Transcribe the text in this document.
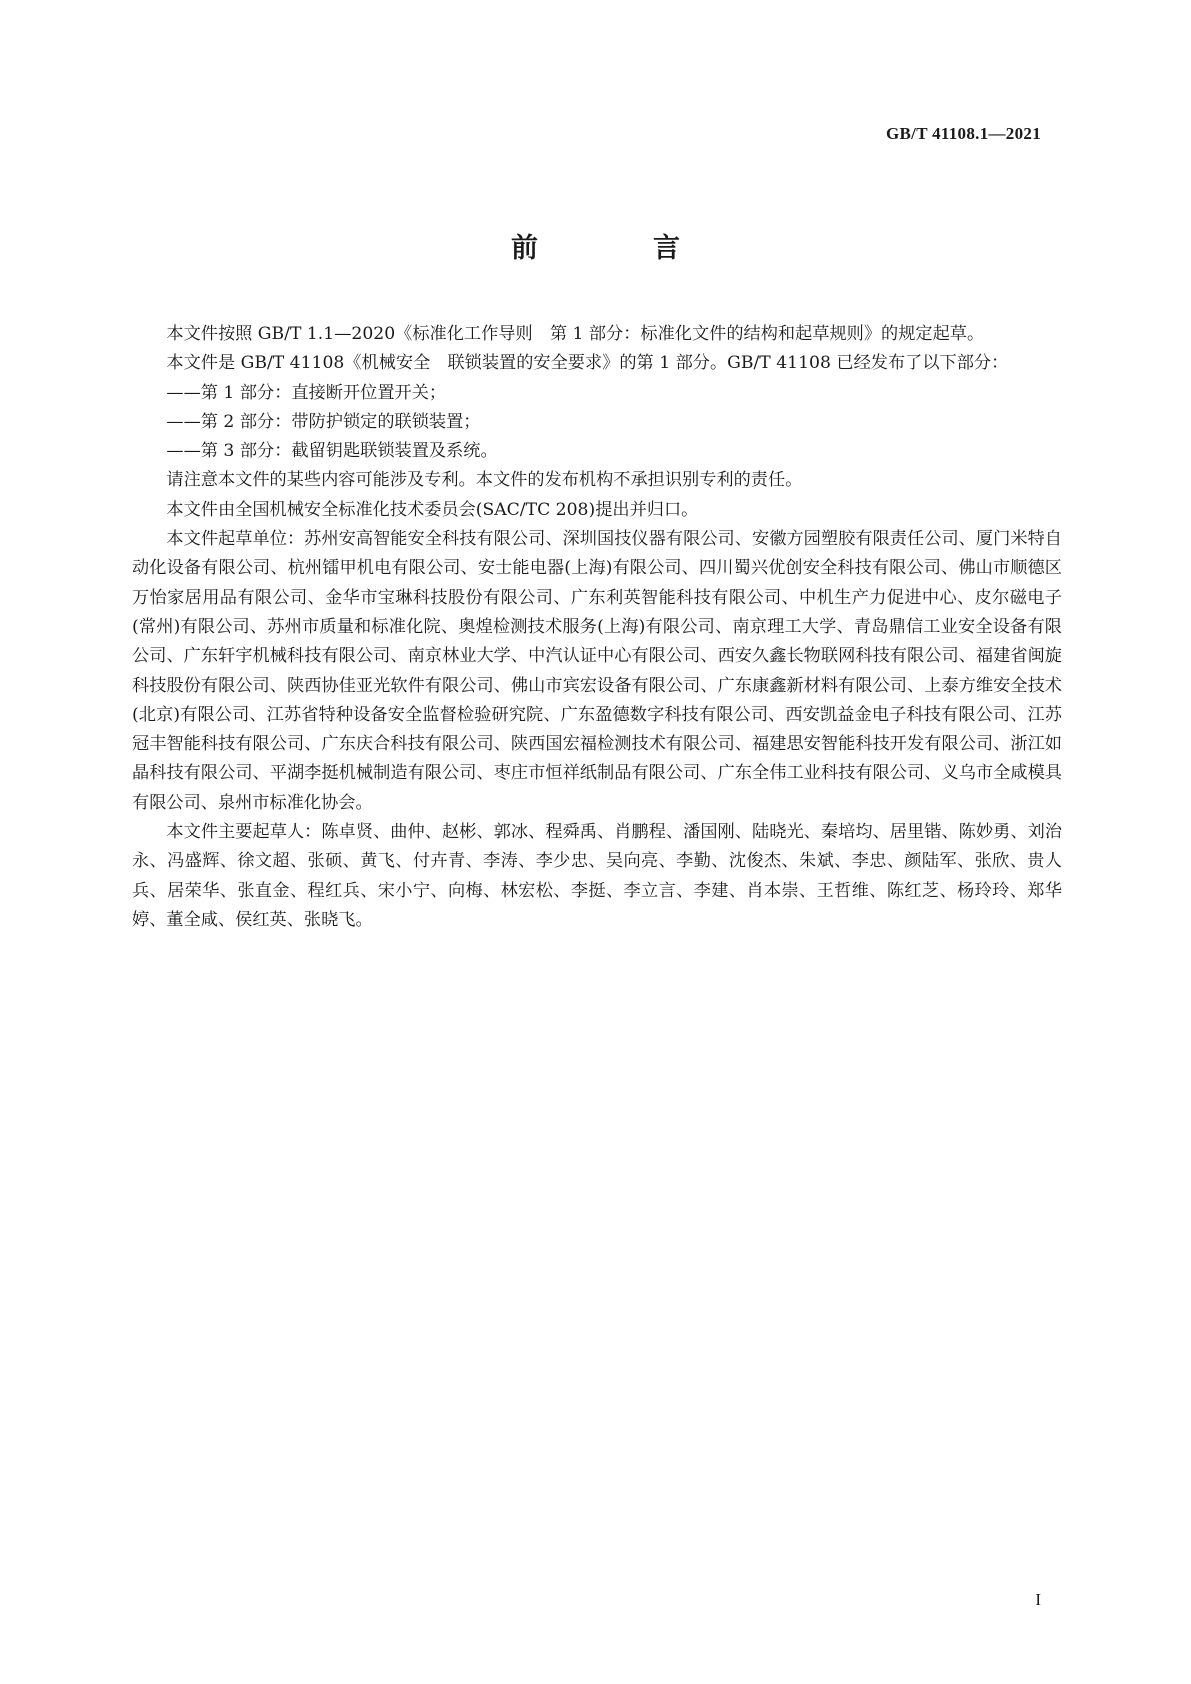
GB/T 41108.1—2021
前　言

本文件按照 GB/T 1.1—2020《标准化工作导则　第 1 部分：标准化文件的结构和起草规则》的规定起草。

本文件是 GB/T 41108《机械安全　联锁装置的安全要求》的第 1 部分。GB/T 41108 已经发布了以下部分：

——第 1 部分：直接断开位置开关；

——第 2 部分：带防护锁定的联锁装置；

——第 3 部分：截留钥匙联锁装置及系统。

请注意本文件的某些内容可能涉及专利。本文件的发布机构不承担识别专利的责任。

本文件由全国机械安全标准化技术委员会(SAC/TC 208)提出并归口。

本文件起草单位：苏州安高智能安全科技有限公司、深圳国技仪器有限公司、安徽方园塑胶有限责任公司、厦门米特自动化设备有限公司、杭州镭甲机电有限公司、安士能电器(上海)有限公司、四川蜀兴优创安全科技有限公司、佛山市顺德区万怡家居用品有限公司、金华市宝琳科技股份有限公司、广东利英智能科技有限公司、中机生产力促进中心、皮尔磁电子(常州)有限公司、苏州市质量和标准化院、奥煌检测技术服务(上海)有限公司、南京理工大学、青岛鼎信工业安全设备有限公司、广东轩宇机械科技有限公司、南京林业大学、中汽认证中心有限公司、西安久鑫长物联网科技有限公司、福建省闽旋科技股份有限公司、陕西协佳亚光软件有限公司、佛山市宾宏设备有限公司、广东康鑫新材料有限公司、上泰方维安全技术(北京)有限公司、江苏省特种设备安全监督检验研究院、广东盈德数字科技有限公司、西安凯益金电子科技有限公司、江苏冠丰智能科技有限公司、广东庆合科技有限公司、陕西国宏福检测技术有限公司、福建思安智能科技开发有限公司、浙江如晶科技有限公司、平湖李挺机械制造有限公司、枣庄市恒祥纸制品有限公司、广东全伟工业科技有限公司、义乌市全咸模具有限公司、泉州市标准化协会。

本文件主要起草人：陈卓贤、曲仲、赵彬、郭冰、程舜禹、肖鹏程、潘国刚、陆晓光、秦培均、居里锴、陈妙勇、刘治永、冯盛辉、徐文超、张硕、黄飞、付卉青、李涛、李少忠、吴向亮、李勤、沈俊杰、朱斌、李忠、颜陆军、张欣、贵人兵、居荣华、张直金、程红兵、宋小宁、向梅、林宏松、李挺、李立言、李建、肖本崇、王哲维、陈红芝、杨玲玲、郑华婷、董全咸、侯红英、张晓飞。

I
